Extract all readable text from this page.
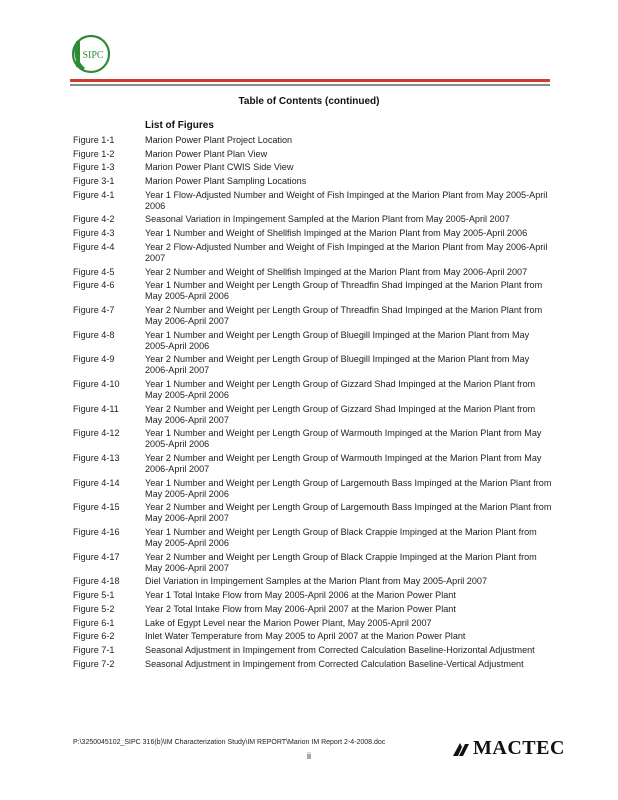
SIPC
Table of Contents (continued)
List of Figures
Figure 1-1	Marion Power Plant Project Location
Figure 1-2	Marion Power Plant Plan View
Figure 1-3	Marion Power Plant CWIS Side View
Figure 3-1	Marion Power Plant Sampling Locations
Figure 4-1	Year 1 Flow-Adjusted Number and Weight of Fish Impinged at the Marion Plant from May 2005-April 2006
Figure 4-2	Seasonal Variation in Impingement Sampled at the Marion Plant from May 2005-April 2007
Figure 4-3	Year 1 Number and Weight of Shellfish Impinged at the Marion Plant from May 2005-April 2006
Figure 4-4	Year 2 Flow-Adjusted Number and Weight of Fish Impinged at the Marion Plant from May 2006-April 2007
Figure 4-5	Year 2 Number and Weight of Shellfish Impinged at the Marion Plant from May 2006-April 2007
Figure 4-6	Year 1 Number and Weight per Length Group of Threadfin Shad Impinged at the Marion Plant from May 2005-April 2006
Figure 4-7	Year 2 Number and Weight per Length Group of Threadfin Shad Impinged at the Marion Plant from May 2006-April 2007
Figure 4-8	Year 1 Number and Weight per Length Group of Bluegill Impinged at the Marion Plant from May 2005-April 2006
Figure 4-9	Year 2 Number and Weight per Length Group of Bluegill Impinged at the Marion Plant from May 2006-April 2007
Figure 4-10	Year 1 Number and Weight per Length Group of Gizzard Shad Impinged at the Marion Plant from May 2005-April 2006
Figure 4-11	Year 2 Number and Weight per Length Group of Gizzard Shad Impinged at the Marion Plant from May 2006-April 2007
Figure 4-12	Year 1 Number and Weight per Length Group of Warmouth Impinged at the Marion Plant from May 2005-April 2006
Figure 4-13	Year 2 Number and Weight per Length Group of Warmouth Impinged at the Marion Plant from May 2006-April 2007
Figure 4-14	Year 1 Number and Weight per Length Group of Largemouth Bass Impinged at the Marion Plant from May 2005-April 2006
Figure 4-15	Year 2 Number and Weight per Length Group of Largemouth Bass Impinged at the Marion Plant from May 2006-April 2007
Figure 4-16	Year 1 Number and Weight per Length Group of Black Crappie Impinged at the Marion Plant from May 2005-April 2006
Figure 4-17	Year 2 Number and Weight per Length Group of Black Crappie Impinged at the Marion Plant from May 2006-April 2007
Figure 4-18	Diel Variation in Impingement Samples at the Marion Plant from May 2005-April 2007
Figure 5-1	Year 1 Total Intake Flow from May 2005-April 2006 at the Marion Power Plant
Figure 5-2	Year 2 Total Intake Flow from May 2006-April 2007 at the Marion Power Plant
Figure 6-1	Lake of Egypt Level near the Marion Power Plant, May 2005-April 2007
Figure 6-2	Inlet Water Temperature from May 2005 to April 2007 at the Marion Power Plant
Figure 7-1	Seasonal Adjustment in Impingement from Corrected Calculation Baseline-Horizontal Adjustment
Figure 7-2	Seasonal Adjustment in Impingement from Corrected Calculation Baseline-Vertical Adjustment
P:\3250045102_SIPC 316(b)\IM Characterization Study\IM REPORT\Marion IM Report 2-4-2008.doc
ii	MACTEC
